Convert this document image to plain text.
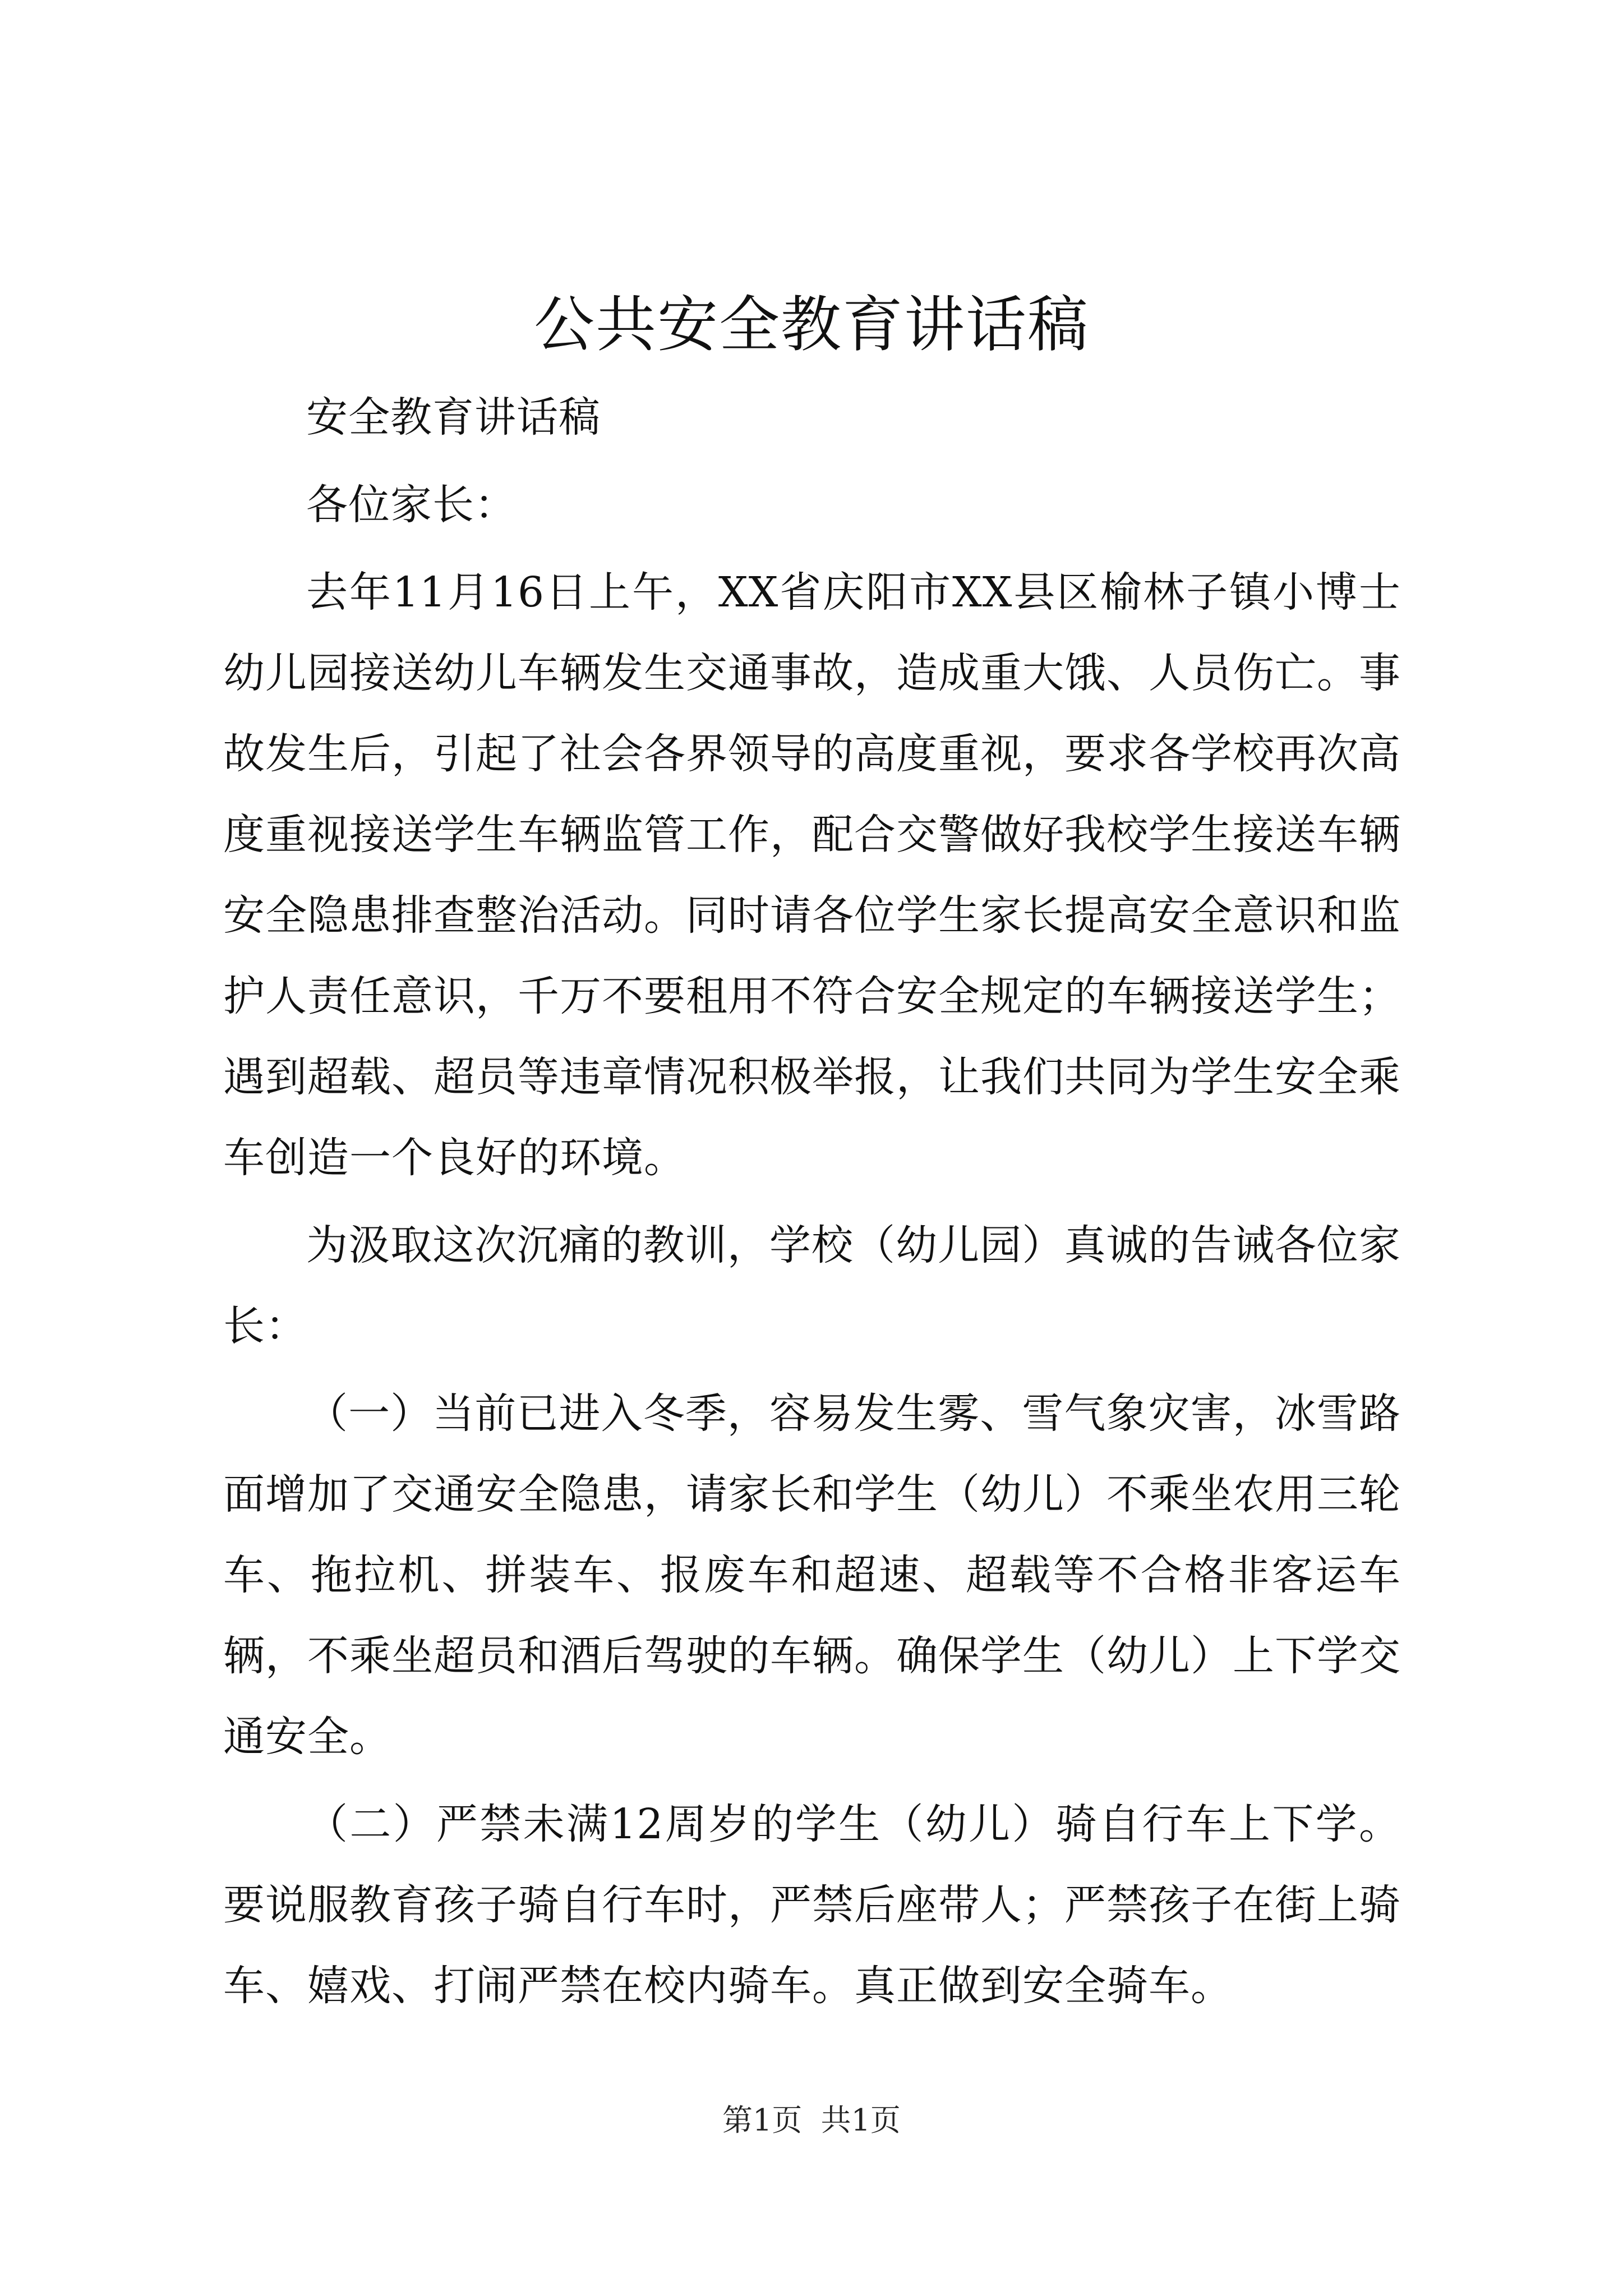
公共安全教育讲话稿

安全教育讲话稿

各位家长：

去年11月16日上午，XX省庆阳市XX县区榆林子镇小博士幼儿园接送幼儿车辆发生交通事故，造成重大饿、人员伤亡。事故发生后，引起了社会各界领导的高度重视，要求各学校再次高度重视接送学生车辆监管工作，配合交警做好我校学生接送车辆安全隐患排查整治活动。同时请各位学生家长提高安全意识和监护人责任意识，千万不要租用不符合安全规定的车辆接送学生；遇到超载、超员等违章情况积极举报，让我们共同为学生安全乘车创造一个良好的环境。

为汲取这次沉痛的教训，学校（幼儿园）真诚的告诫各位家长：

（一）当前已进入冬季，容易发生雾、雪气象灾害，冰雪路面增加了交通安全隐患，请家长和学生（幼儿）不乘坐农用三轮车、拖拉机、拼装车、报废车和超速、超载等不合格非客运车辆，不乘坐超员和酒后驾驶的车辆。确保学生（幼儿）上下学交通安全。

（二）严禁未满12周岁的学生（幼儿）骑自行车上下学。要说服教育孩子骑自行车时，严禁后座带人；严禁孩子在街上骑车、嬉戏、打闹严禁在校内骑车。真正做到安全骑车。

第1页 共1页
